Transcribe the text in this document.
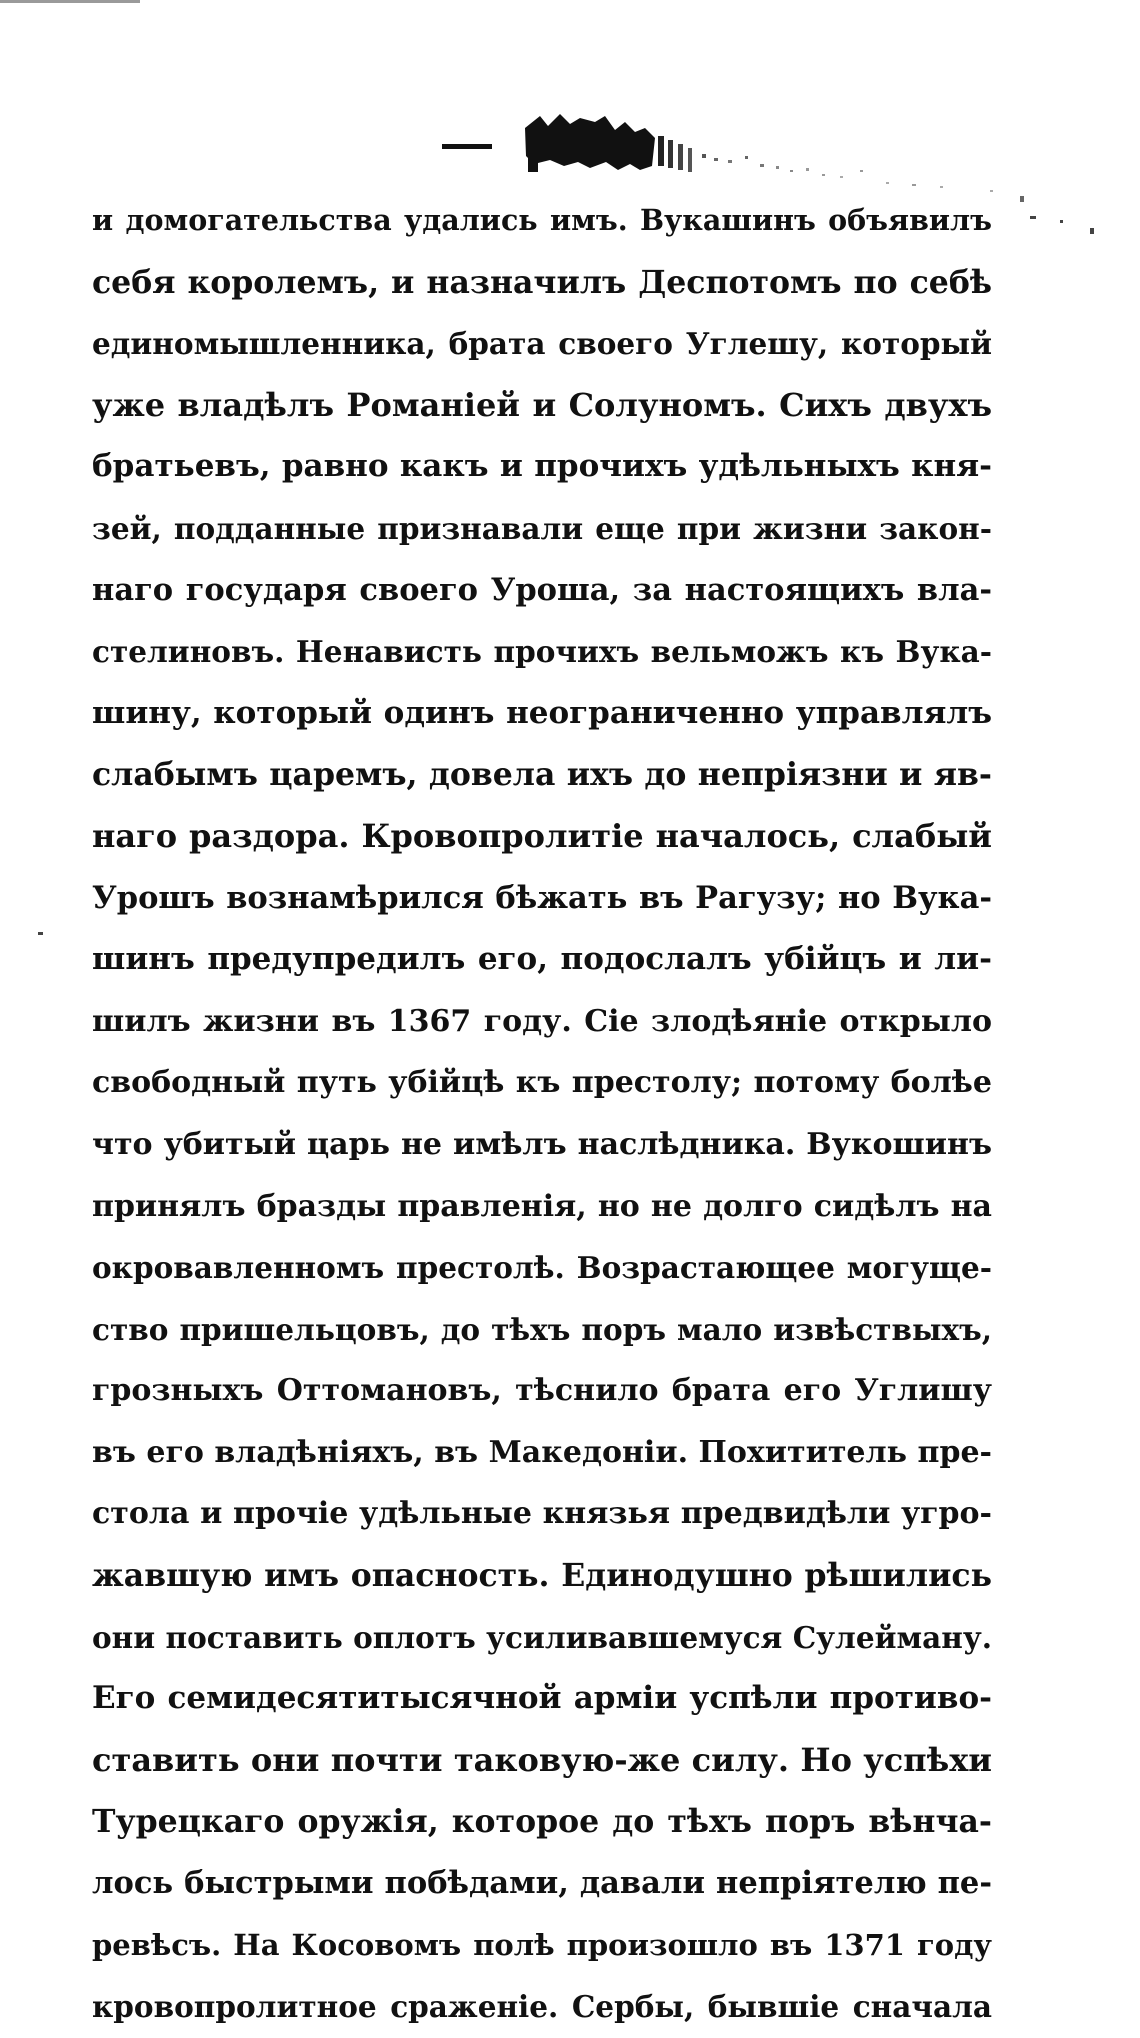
и домогательства удались имъ. Вукашинъ объявилъ
себя королемъ, и назначилъ Деспотомъ по себѣ
единомышленника, брата своего Углешу, который
уже владѣлъ Романіей и Солуномъ. Сихъ двухъ
братьевъ, равно какъ и прочихъ удѣльныхъ кня-
зей, подданные признавали еще при жизни закон-
наго государя своего Уроша, за настоящихъ вла-
стелиновъ. Ненависть прочихъ вельможъ къ Вука-
шину, который одинъ неограниченно управлялъ
слабымъ царемъ, довела ихъ до непріязни и яв-
наго раздора. Кровопролитіе началось, слабый
Урошъ вознамѣрился бѣжать въ Рагузу; но Вука-
шинъ предупредилъ его, подослалъ убійцъ и ли-
шилъ жизни въ 1367 году. Сіе злодѣяніе открыло
свободный путь убійцѣ къ престолу; потому болѣе
что убитый царь не имѣлъ наслѣдника. Вукошинъ
принялъ бразды правленія, но не долго сидѣлъ на
окровавленномъ престолѣ. Возрастающее могуще-
ство пришельцовъ, до тѣхъ поръ мало извѣствыхъ,
грозныхъ Оттомановъ, тѣснило брата его Углишу
въ его владѣніяхъ, въ Македоніи. Похититель пре-
стола и прочіе удѣльные князья предвидѣли угро-
жавшую имъ опасность. Единодушно рѣшились
они поставить оплотъ усиливавшемуся Сулейману.
Его семидесятитысячной арміи успѣли противо-
ставить они почти таковую-же силу. Но успѣхи
Турецкаго оружія, которое до тѣхъ поръ вѣнча-
лось быстрыми побѣдами, давали непріятелю пе-
ревѣсъ. На Косовомъ полѣ произошло въ 1371 году
кровопролитное сраженіе. Сербы, бывшіе сначала
